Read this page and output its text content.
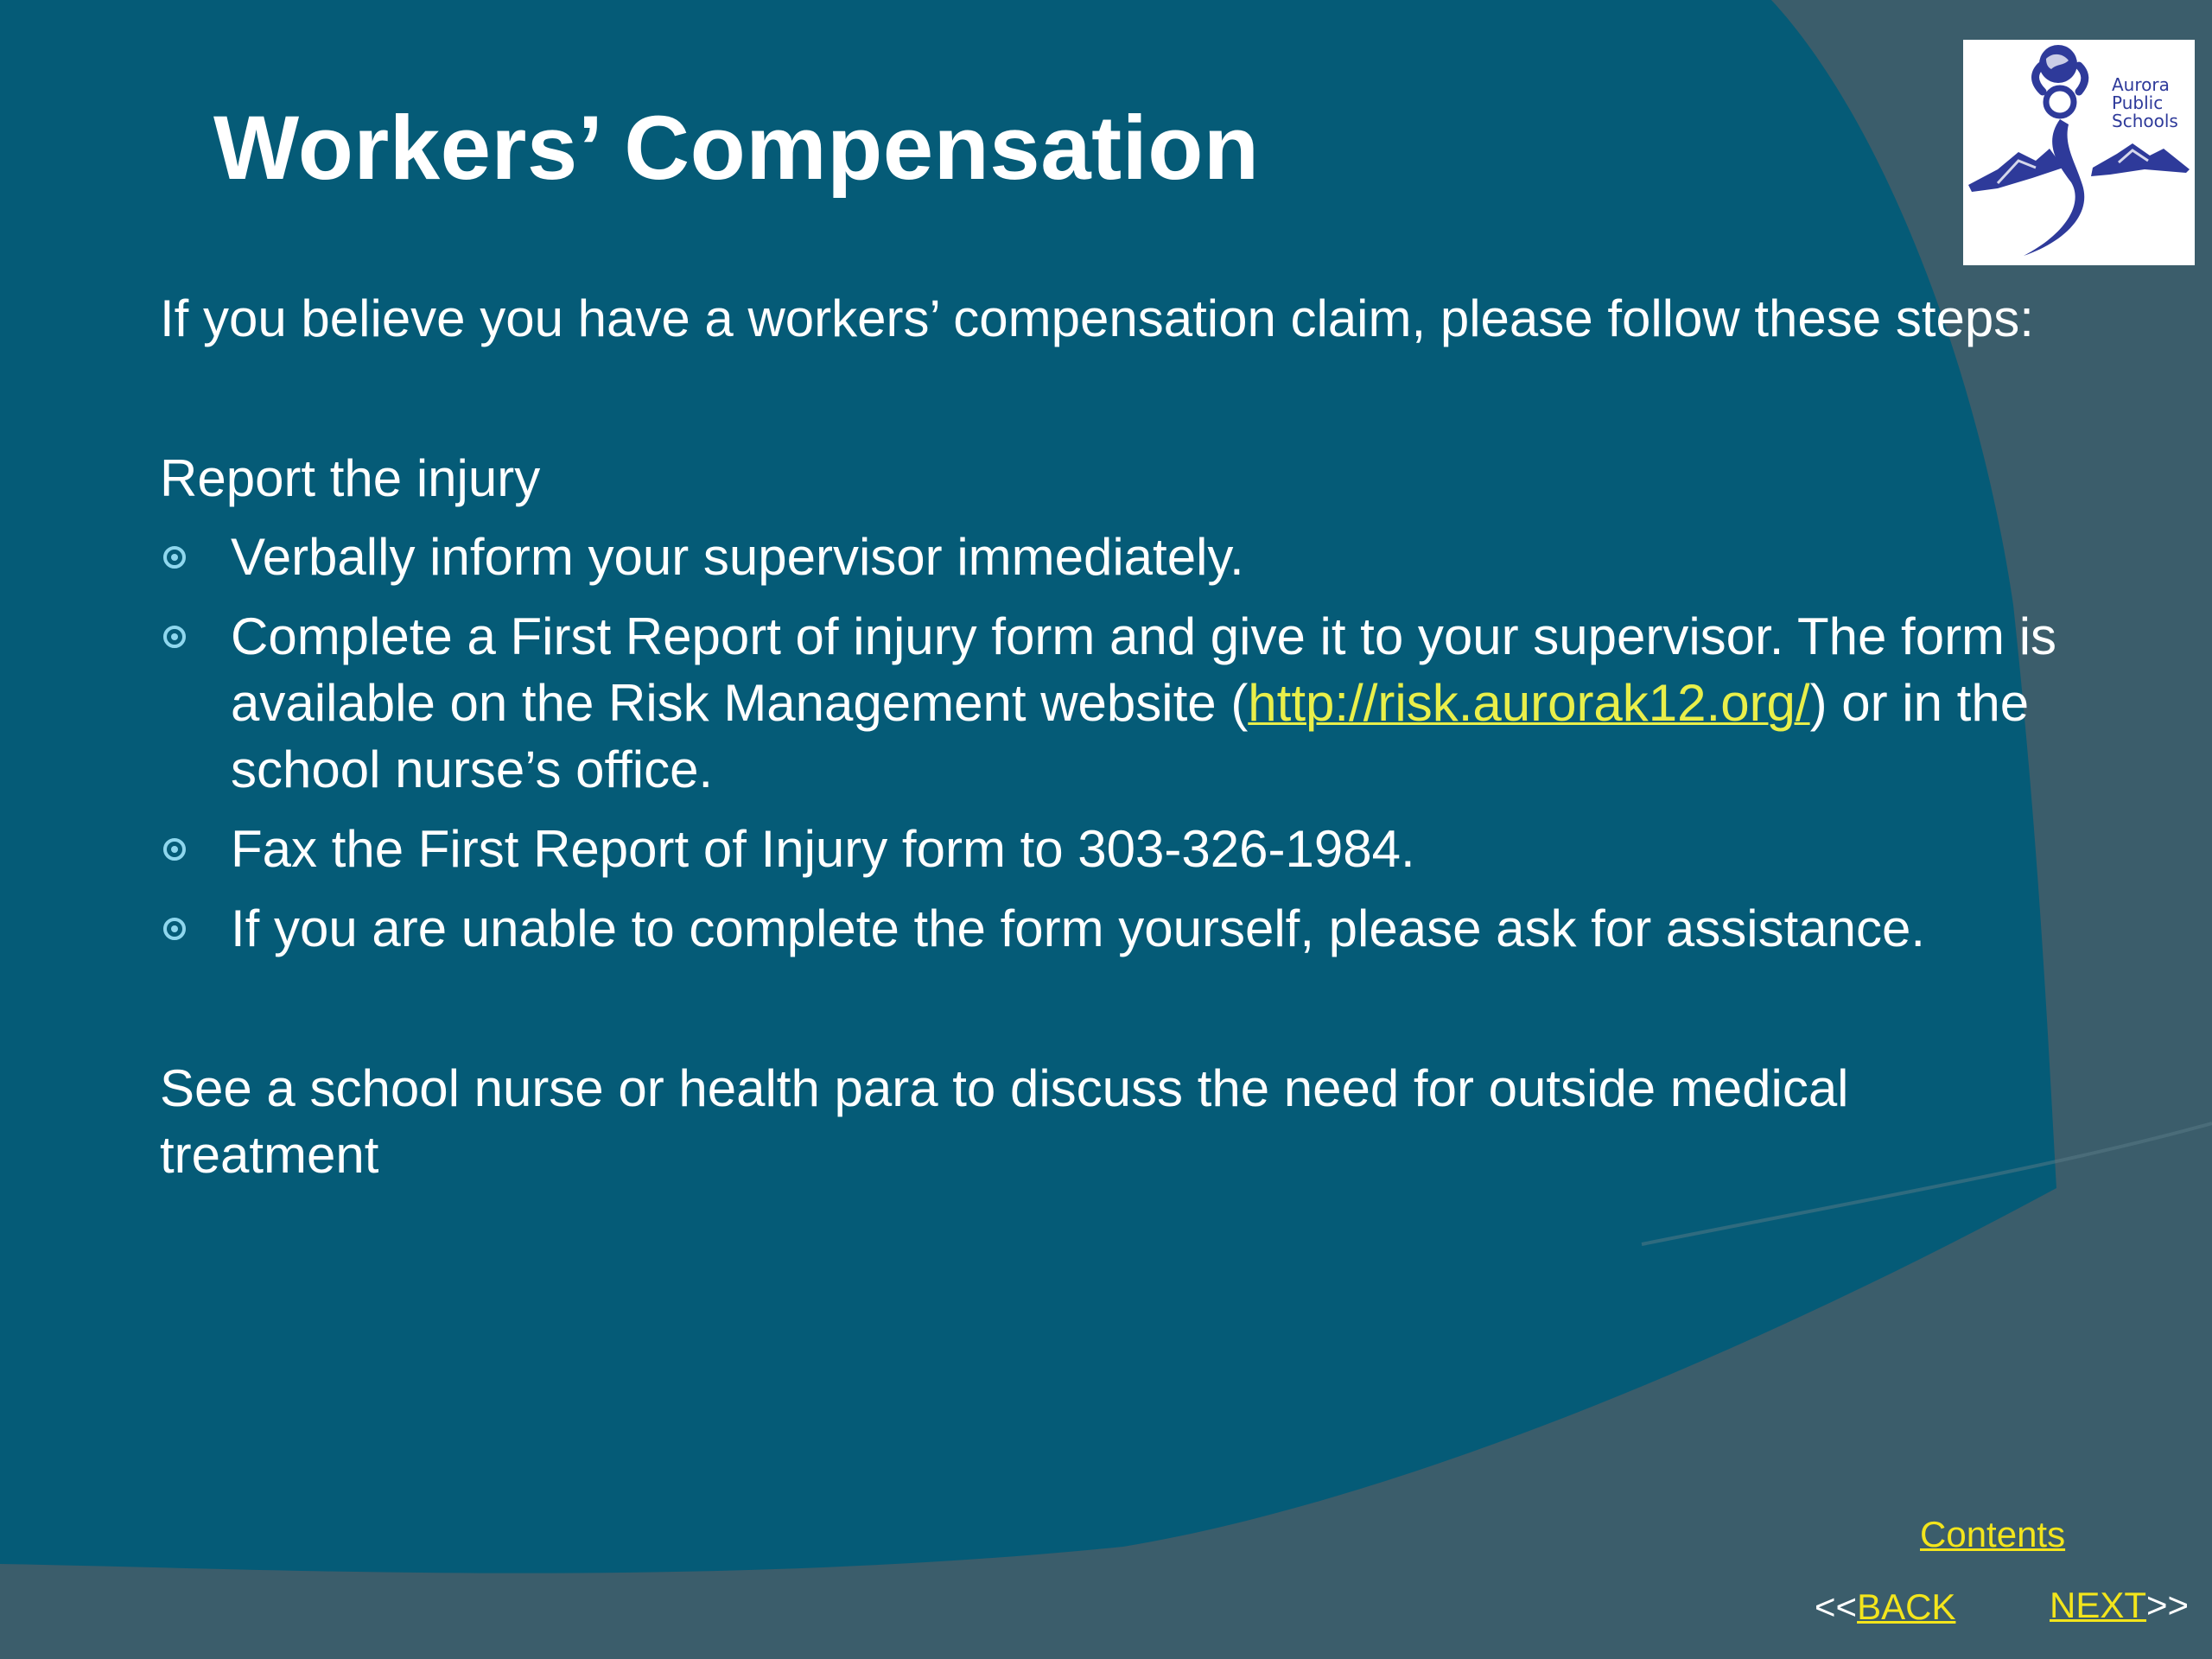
Workers’ Compensation
Aurora
Public
Schools

If you believe you have a workers’ compensation claim, please follow these steps:

Report the injury

Verbally inform your supervisor immediately.
Complete a First Report of injury form and give it to your supervisor. The form is available on the Risk Management website (http://risk.aurorak12.org/) or in the school nurse’s office.
Fax the First Report of Injury form to 303-326-1984.
If you are unable to complete the form yourself, please ask for assistance.

See a school nurse or health para to discuss the need for outside medical treatment

Contents
<<BACK	NEXT>>
